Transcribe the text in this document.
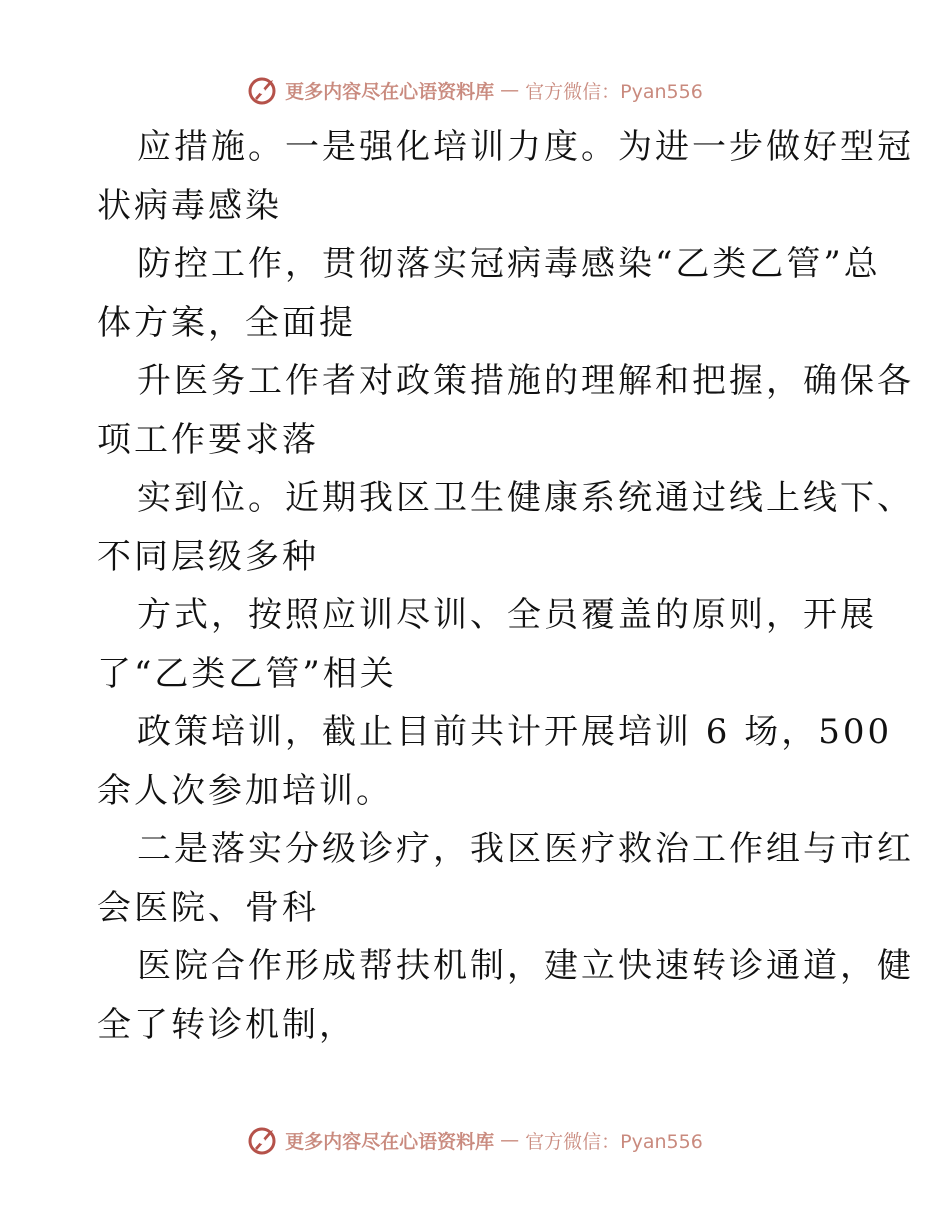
更多内容尽在心语资料库 — 官方微信：Pyan556
应措施。一是强化培训力度。为进一步做好型冠
状病毒感染
防控工作，贯彻落实冠病毒感染“乙类乙管”总
体方案，全面提
升医务工作者对政策措施的理解和把握，确保各
项工作要求落
实到位。近期我区卫生健康系统通过线上线下、
不同层级多种
方式，按照应训尽训、全员覆盖的原则，开展
了“乙类乙管”相关
政策培训，截止目前共计开展培训 6 场，500
余人次参加培训。
二是落实分级诊疗，我区医疗救治工作组与市红
会医院、骨科
医院合作形成帮扶机制，建立快速转诊通道，健
全了转诊机制，
更多内容尽在心语资料库 — 官方微信：Pyan556
